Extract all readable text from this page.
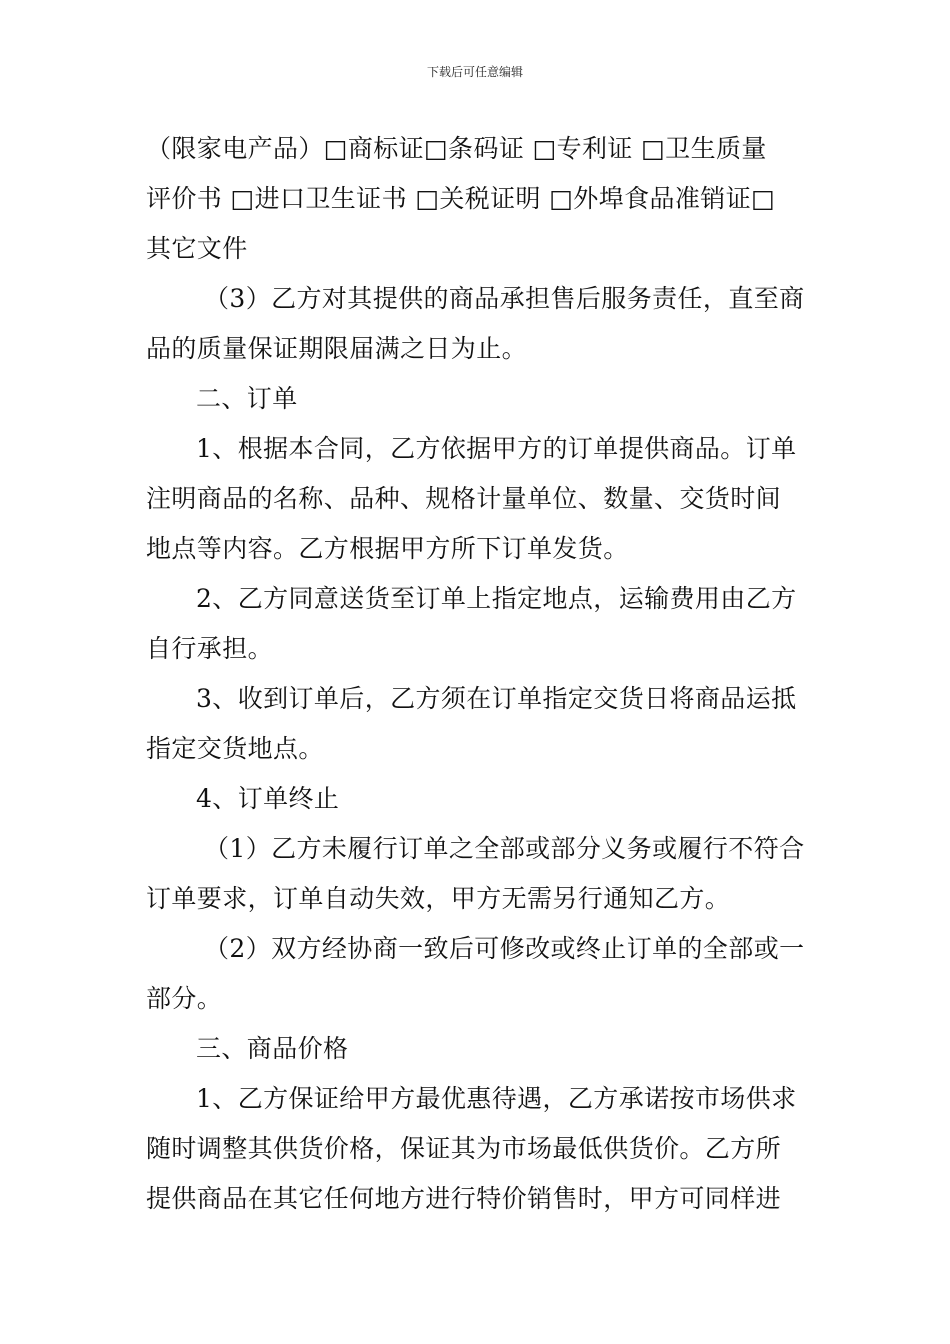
下载后可任意编辑
（限家电产品）□商标证□条码证 □专利证 □卫生质量
评价书 □进口卫生证书 □关税证明 □外埠食品准销证□
其它文件
（3）乙方对其提供的商品承担售后服务责任，直至商
品的质量保证期限届满之日为止。
二、订单
1、根据本合同，乙方依据甲方的订单提供商品。订单
注明商品的名称、品种、规格计量单位、数量、交货时间
地点等内容。乙方根据甲方所下订单发货。
2、乙方同意送货至订单上指定地点，运输费用由乙方
自行承担。
3、收到订单后，乙方须在订单指定交货日将商品运抵
指定交货地点。
4、订单终止
（1）乙方未履行订单之全部或部分义务或履行不符合
订单要求，订单自动失效，甲方无需另行通知乙方。
（2）双方经协商一致后可修改或终止订单的全部或一
部分。
三、商品价格
1、乙方保证给甲方最优惠待遇，乙方承诺按市场供求
随时调整其供货价格，保证其为市场最低供货价。乙方所
提供商品在其它任何地方进行特价销售时，甲方可同样进
